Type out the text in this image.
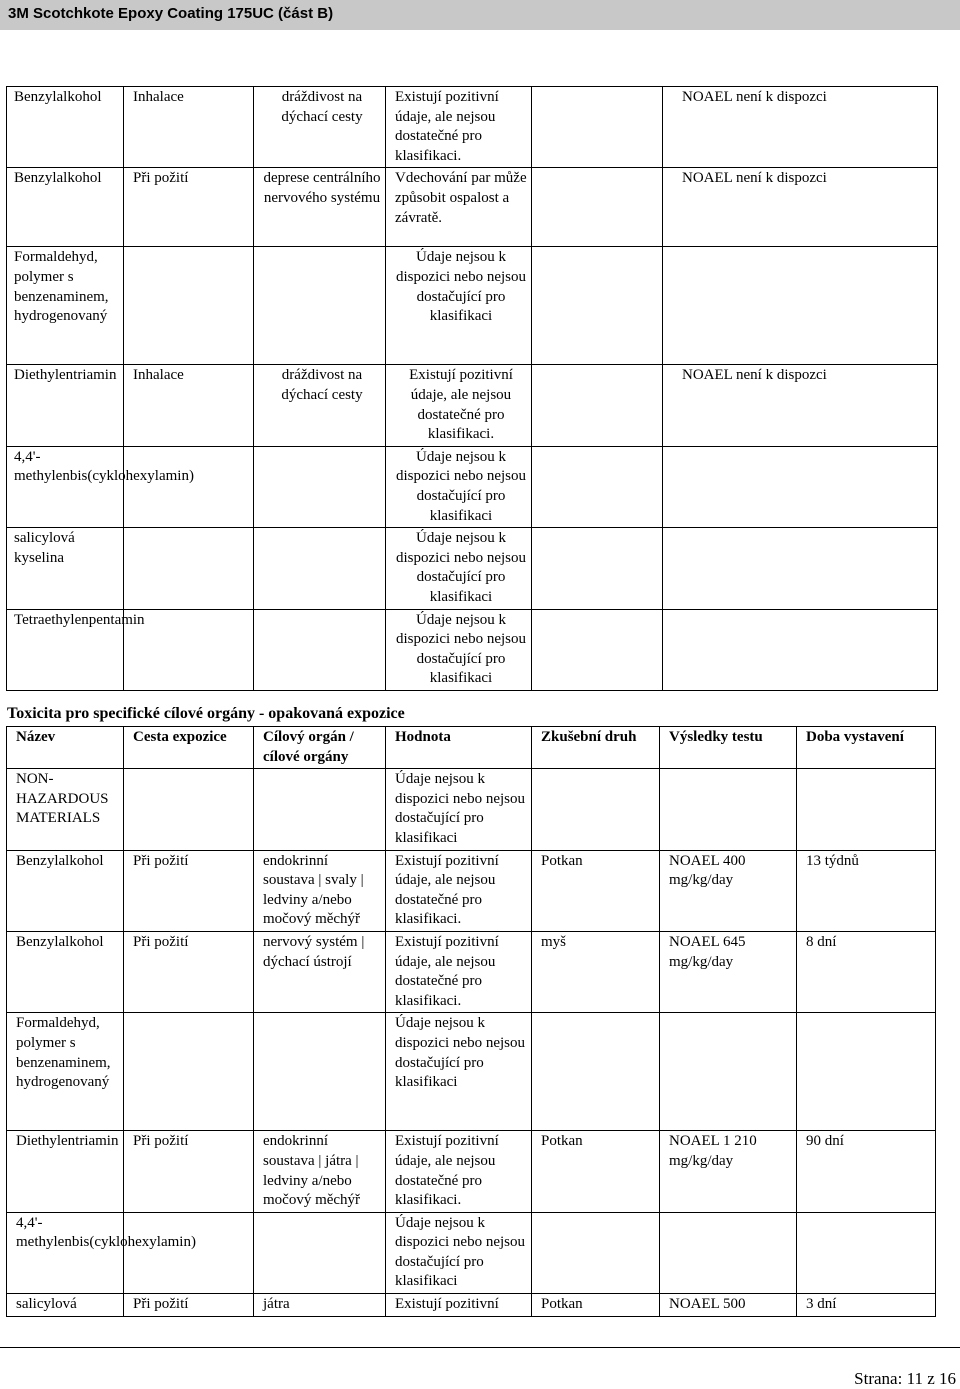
3M Scotchkote Epoxy Coating 175UC (část B)
Benzylalkohol	Inhalace	dráždivost na dýchací cesty	Existují pozitivní údaje, ale nejsou dostatečné pro klasifikaci.		NOAEL není k dispozci
Benzylalkohol	Při požití	deprese centrálního nervového systému	Vdechování par může způsobit ospalost a závratě.		NOAEL není k dispozci
Formaldehyd, polymer s benzenaminem, hydrogenovaný			Údaje nejsou k dispozici nebo nejsou dostačující pro klasifikaci		
Diethylentriamin	Inhalace	dráždivost na dýchací cesty	Existují pozitivní údaje, ale nejsou dostatečné pro klasifikaci.		NOAEL není k dispozci
4,4'-methylenbis(cyklohexylamin)			Údaje nejsou k dispozici nebo nejsou dostačující pro klasifikaci		
salicylová kyselina			Údaje nejsou k dispozici nebo nejsou dostačující pro klasifikaci		
Tetraethylenpentamin			Údaje nejsou k dispozici nebo nejsou dostačující pro klasifikaci		
Toxicita pro specifické cílové orgány - opakovaná expozice
Název	Cesta expozice	Cílový orgán / cílové orgány	Hodnota	Zkušební druh	Výsledky testu	Doba vystavení
NON-HAZARDOUS MATERIALS			Údaje nejsou k dispozici nebo nejsou dostačující pro klasifikaci			
Benzylalkohol	Při požití	endokrinní soustava | svaly | ledviny a/nebo močový měchýř	Existují pozitivní údaje, ale nejsou dostatečné pro klasifikaci.	Potkan	NOAEL 400 mg/kg/day	13 týdnů
Benzylalkohol	Při požití	nervový systém | dýchací ústrojí	Existují pozitivní údaje, ale nejsou dostatečné pro klasifikaci.	myš	NOAEL 645 mg/kg/day	8 dní
Formaldehyd, polymer s benzenaminem, hydrogenovaný			Údaje nejsou k dispozici nebo nejsou dostačující pro klasifikaci			
Diethylentriamin	Při požití	endokrinní soustava | játra | ledviny a/nebo močový měchýř	Existují pozitivní údaje, ale nejsou dostatečné pro klasifikaci.	Potkan	NOAEL 1 210 mg/kg/day	90 dní
4,4'-methylenbis(cyklohexylamin)			Údaje nejsou k dispozici nebo nejsou dostačující pro klasifikaci			
salicylová	Při požití	játra	Existují pozitivní	Potkan	NOAEL 500	3 dní
Strana: 11 z 16
